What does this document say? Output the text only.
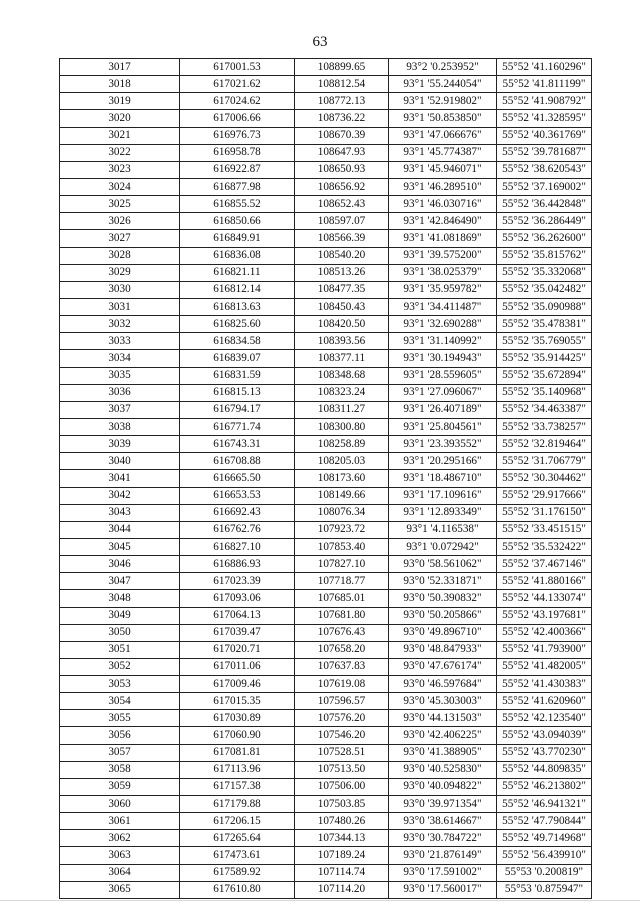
63
3017	617001.53	108899.65	93°2 '0.253952"	55°52 '41.160296"
3018	617021.62	108812.54	93°1 '55.244054"	55°52 '41.811199"
3019	617024.62	108772.13	93°1 '52.919802"	55°52 '41.908792"
3020	617006.66	108736.22	93°1 '50.853850"	55°52 '41.328595"
3021	616976.73	108670.39	93°1 '47.066676"	55°52 '40.361769"
3022	616958.78	108647.93	93°1 '45.774387"	55°52 '39.781687"
3023	616922.87	108650.93	93°1 '45.946071"	55°52 '38.620543"
3024	616877.98	108656.92	93°1 '46.289510"	55°52 '37.169002"
3025	616855.52	108652.43	93°1 '46.030716"	55°52 '36.442848"
3026	616850.66	108597.07	93°1 '42.846490"	55°52 '36.286449"
3027	616849.91	108566.39	93°1 '41.081869"	55°52 '36.262600"
3028	616836.08	108540.20	93°1 '39.575200"	55°52 '35.815762"
3029	616821.11	108513.26	93°1 '38.025379"	55°52 '35.332068"
3030	616812.14	108477.35	93°1 '35.959782"	55°52 '35.042482"
3031	616813.63	108450.43	93°1 '34.411487"	55°52 '35.090988"
3032	616825.60	108420.50	93°1 '32.690288"	55°52 '35.478381"
3033	616834.58	108393.56	93°1 '31.140992"	55°52 '35.769055"
3034	616839.07	108377.11	93°1 '30.194943"	55°52 '35.914425"
3035	616831.59	108348.68	93°1 '28.559605"	55°52 '35.672894"
3036	616815.13	108323.24	93°1 '27.096067"	55°52 '35.140968"
3037	616794.17	108311.27	93°1 '26.407189"	55°52 '34.463387"
3038	616771.74	108300.80	93°1 '25.804561"	55°52 '33.738257"
3039	616743.31	108258.89	93°1 '23.393552"	55°52 '32.819464"
3040	616708.88	108205.03	93°1 '20.295166"	55°52 '31.706779"
3041	616665.50	108173.60	93°1 '18.486710"	55°52 '30.304462"
3042	616653.53	108149.66	93°1 '17.109616"	55°52 '29.917666"
3043	616692.43	108076.34	93°1 '12.893349"	55°52 '31.176150"
3044	616762.76	107923.72	93°1 '4.116538"	55°52 '33.451515"
3045	616827.10	107853.40	93°1 '0.072942"	55°52 '35.532422"
3046	616886.93	107827.10	93°0 '58.561062"	55°52 '37.467146"
3047	617023.39	107718.77	93°0 '52.331871"	55°52 '41.880166"
3048	617093.06	107685.01	93°0 '50.390832"	55°52 '44.133074"
3049	617064.13	107681.80	93°0 '50.205866"	55°52 '43.197681"
3050	617039.47	107676.43	93°0 '49.896710"	55°52 '42.400366"
3051	617020.71	107658.20	93°0 '48.847933"	55°52 '41.793900"
3052	617011.06	107637.83	93°0 '47.676174"	55°52 '41.482005"
3053	617009.46	107619.08	93°0 '46.597684"	55°52 '41.430383"
3054	617015.35	107596.57	93°0 '45.303003"	55°52 '41.620960"
3055	617030.89	107576.20	93°0 '44.131503"	55°52 '42.123540"
3056	617060.90	107546.20	93°0 '42.406225"	55°52 '43.094039"
3057	617081.81	107528.51	93°0 '41.388905"	55°52 '43.770230"
3058	617113.96	107513.50	93°0 '40.525830"	55°52 '44.809835"
3059	617157.38	107506.00	93°0 '40.094822"	55°52 '46.213802"
3060	617179.88	107503.85	93°0 '39.971354"	55°52 '46.941321"
3061	617206.15	107480.26	93°0 '38.614667"	55°52 '47.790844"
3062	617265.64	107344.13	93°0 '30.784722"	55°52 '49.714968"
3063	617473.61	107189.24	93°0 '21.876149"	55°52 '56.439910"
3064	617589.92	107114.74	93°0 '17.591002"	55°53 '0.200819"
3065	617610.80	107114.20	93°0 '17.560017"	55°53 '0.875947"
